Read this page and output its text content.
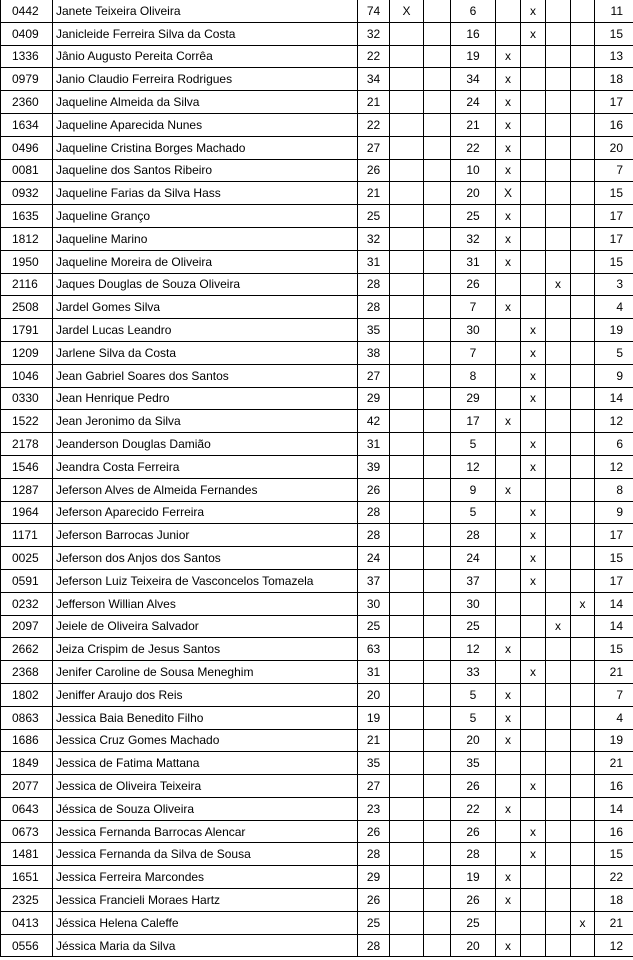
0442	Janete Teixeira Oliveira	74	X		6		x			11
0409	Janicleide Ferreira Silva da Costa	32			16		x			15
1336	Jânio Augusto Pereita Corrêa	22			19	x				13
0979	Janio Claudio Ferreira Rodrigues	34			34	x				18
2360	Jaqueline Almeida da Silva	21			24	x				17
1634	Jaqueline Aparecida Nunes	22			21	x				16
0496	Jaqueline Cristina Borges Machado	27			22	x				20
0081	Jaqueline dos Santos Ribeiro	26			10	x				7
0932	Jaqueline Farias da Silva Hass	21			20	X				15
1635	Jaqueline Granço	25			25	x				17
1812	Jaqueline Marino	32			32	x				17
1950	Jaqueline Moreira de Oliveira	31			31	x				15
2116	Jaques Douglas de Souza Oliveira	28			26			x		3
2508	Jardel Gomes Silva	28			7	x				4
1791	Jardel Lucas Leandro	35			30		x			19
1209	Jarlene Silva da Costa	38			7		x			5
1046	Jean Gabriel Soares dos Santos	27			8		x			9
0330	Jean Henrique Pedro	29			29		x			14
1522	Jean Jeronimo da Silva	42			17	x				12
2178	Jeanderson Douglas Damião	31			5		x			6
1546	Jeandra Costa Ferreira	39			12		x			12
1287	Jeferson Alves de Almeida Fernandes	26			9	x				8
1964	Jeferson Aparecido Ferreira	28			5		x			9
1171	Jeferson Barrocas Junior	28			28		x			17
0025	Jeferson dos Anjos dos Santos	24			24		x			15
0591	Jeferson Luiz Teixeira de Vasconcelos Tomazela	37			37		x			17
0232	Jefferson Willian Alves	30			30				x	14
2097	Jeiele de Oliveira Salvador	25			25			x		14
2662	Jeiza Crispim de Jesus Santos	63			12	x				15
2368	Jenifer Caroline de Sousa Meneghim	31			33		x			21
1802	Jeniffer Araujo dos Reis	20			5	x				7
0863	Jessica Baia Benedito Filho	19			5	x				4
1686	Jessica Cruz Gomes Machado	21			20	x				19
1849	Jessica de Fatima Mattana	35			35					21
2077	Jessica de Oliveira Teixeira	27			26		x			16
0643	Jéssica de Souza Oliveira	23			22	x				14
0673	Jessica Fernanda Barrocas Alencar	26			26		x			16
1481	Jessica Fernanda da Silva de Sousa	28			28		x			15
1651	Jessica Ferreira Marcondes	29			19	x				22
2325	Jessica Francieli Moraes Hartz	26			26	x				18
0413	Jéssica Helena Caleffe	25			25				x	21
0556	Jéssica Maria da Silva	28			20	x				12
